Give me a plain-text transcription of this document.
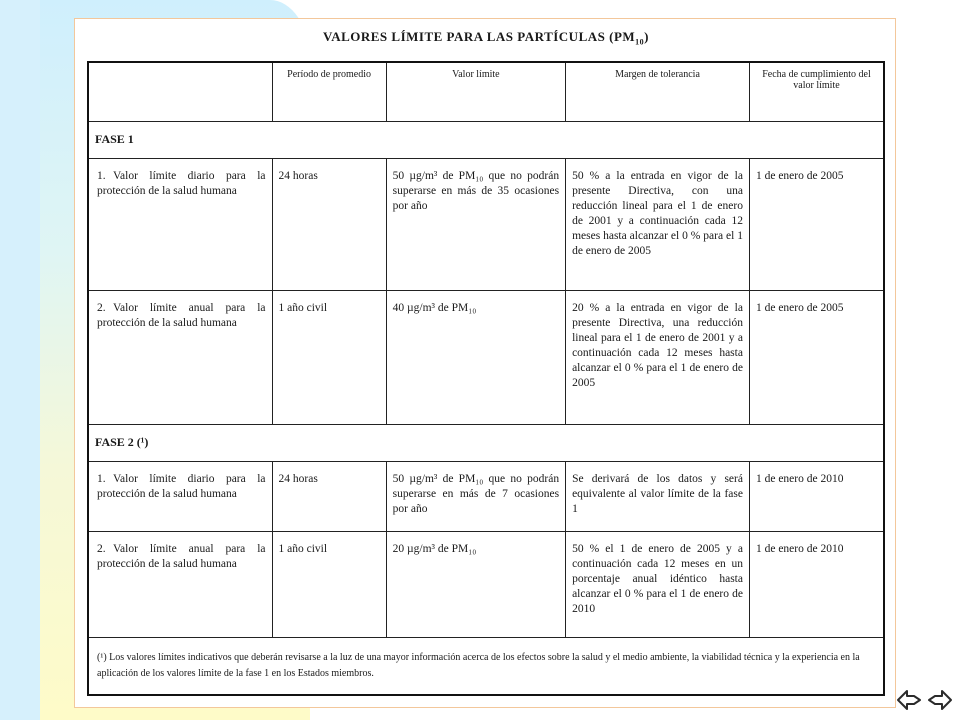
VALORES LÍMITE PARA LAS PARTÍCULAS $(PM_{10})$
	Período de promedio	Valor límite	Margen de tolerancia	Fecha de cumplimiento del valor límite
FASE 1				
1. Valor límite diario para la protección de la salud humana	24 horas	50 µg/m³ de PM₁₀ que no podrán superarse en más de 35 ocasiones por año	50 % a la entrada en vigor de la presente Directiva, con una reducción lineal para el 1 de enero de 2001 y a continuación cada 12 meses hasta alcanzar el 0 % para el 1 de enero de 2005	1 de enero de 2005
2. Valor límite anual para la protección de la salud humana	1 año civil	40 µg/m³ de PM₁₀	20 % a la entrada en vigor de la presente Directiva, una reducción lineal para el 1 de enero de 2001 y a continuación cada 12 meses hasta alcanzar el 0 % para el 1 de enero de 2005	1 de enero de 2005
FASE 2 (¹)				
1. Valor límite diario para la protección de la salud humana	24 horas	50 µg/m³ de PM₁₀ que no podrán superarse en más de 7 ocasiones por año	Se derivará de los datos y será equivalente al valor límite de la fase 1	1 de enero de 2010
2. Valor límite anual para la protección de la salud humana	1 año civil	20 µg/m³ de PM₁₀	50 % el 1 de enero de 2005 y a continuación cada 12 meses en un porcentaje anual idéntico hasta alcanzar el 0 % para el 1 de enero de 2010	1 de enero de 2010
(¹) Los valores límites indicativos que deberán revisarse a la luz de una mayor información acerca de los efectos sobre la salud y el medio ambiente, la viabilidad técnica y la experiencia en la aplicación de los valores límite de la fase 1 en los Estados miembros.				
